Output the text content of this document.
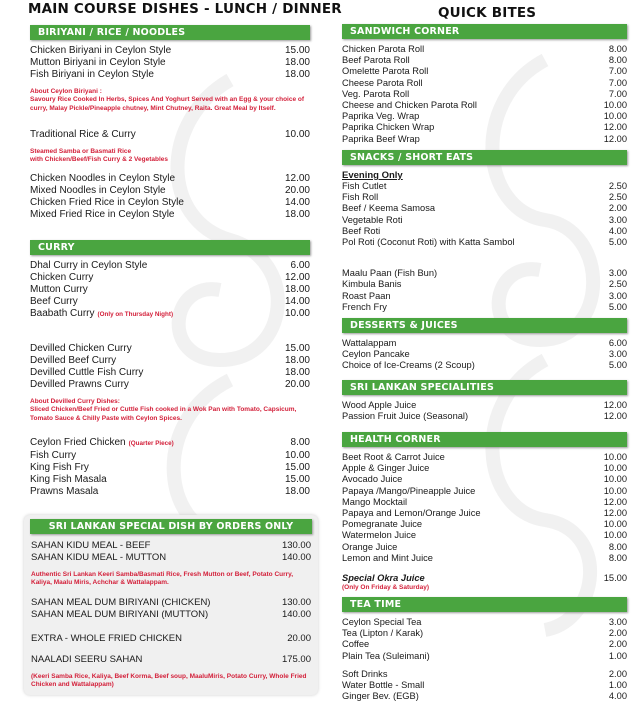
MAIN COURSE DISHES - LUNCH / DINNER	QUICK BITES
BIRIYANI / RICE / NOODLES
Chicken Biriyani in Ceylon Style	15.00
Mutton Biriyani in Ceylon Style	18.00
Fish Biriyani in Ceylon Style	18.00
About Ceylon Biriyani :
Savoury Rice Cooked In Herbs, Spices And Yoghurt Served with an Egg & your choice of curry, Malay Pickle/Pineapple chutney, Mint Chutney, Raita. Great Meal by Itself.
Traditional Rice & Curry	10.00
Steamed Samba or Basmati Rice
with Chicken/Beef/Fish Curry & 2 Vegetables
Chicken Noodles in Ceylon Style	12.00
Mixed Noodles in Ceylon Style	20.00
Chicken Fried Rice in Ceylon Style	14.00
Mixed Fried Rice in Ceylon Style	18.00
CURRY
Dhal Curry in Ceylon Style	6.00
Chicken Curry	12.00
Mutton Curry	18.00
Beef Curry	14.00
Baabath Curry (Only on Thursday Night)	10.00
Devilled Chicken Curry	15.00
Devilled Beef Curry	18.00
Devilled Cuttle Fish Curry	18.00
Devilled Prawns Curry	20.00
About Devilled Curry Dishes:
Sliced Chicken/Beef Fried or Cuttle Fish cooked in a Wok Pan with Tomato, Capsicum, Tomato Sauce & Chilly Paste with Ceylon Spices.
Ceylon Fried Chicken (Quarter Piece)	8.00
Fish Curry	10.00
King Fish Fry	15.00
King Fish Masala	15.00
Prawns Masala	18.00
SRI LANKAN SPECIAL DISH BY ORDERS ONLY
SAHAN KIDU MEAL - BEEF	130.00
SAHAN KIDU MEAL - MUTTON	140.00
Authentic Sri Lankan Keeri Samba/Basmati Rice, Fresh Mutton or Beef, Potato Curry, Kaliya, Maalu Miris, Achchar & Wattalappam.
SAHAN MEAL DUM BIRIYANI (CHICKEN)	130.00
SAHAN MEAL DUM BIRIYANI (MUTTON)	140.00
EXTRA - WHOLE FRIED CHICKEN	20.00
NAALADI SEERU SAHAN	175.00
(Keeri Samba Rice, Kaliya, Beef Korma, Beef soup, MaaluMiris, Potato Curry, Whole Fried Chicken and Wattalappam)
SANDWICH CORNER
Chicken Parota Roll	8.00
Beef Parota Roll	8.00
Omelette Parota Roll	7.00
Cheese Parota Roll	7.00
Veg. Parota Roll	7.00
Cheese and Chicken Parota Roll	10.00
Paprika Veg. Wrap	10.00
Paprika Chicken Wrap	12.00
Paprika Beef Wrap	12.00
SNACKS / SHORT EATS
Evening Only
Fish Cutlet	2.50
Fish Roll	2.50
Beef / Keema Samosa	2.00
Vegetable Roti	3.00
Beef Roti	4.00
Pol Roti (Coconut Roti) with Katta Sambol	5.00
Maalu Paan (Fish Bun)	3.00
Kimbula Banis	2.50
Roast Paan	3.00
French Fry	5.00
DESSERTS & JUICES
Wattalappam	6.00
Ceylon Pancake	3.00
Choice of Ice-Creams (2 Scoup)	5.00
SRI LANKAN SPECIALITIES
Wood Apple Juice	12.00
Passion Fruit Juice (Seasonal)	12.00
HEALTH CORNER
Beet Root & Carrot Juice	10.00
Apple & Ginger Juice	10.00
Avocado Juice	10.00
Papaya /Mango/Pineapple Juice	10.00
Mango Mocktail	12.00
Papaya and Lemon/Orange Juice	12.00
Pomegranate Juice	10.00
Watermelon Juice	10.00
Orange Juice	8.00
Lemon and Mint Juice	8.00
Special Okra Juice	15.00
(Only On Friday & Saturday)
TEA TIME
Ceylon Special Tea	3.00
Tea (Lipton / Karak)	2.00
Coffee	2.00
Plain Tea (Suleimani)	1.00
Soft Drinks	2.00
Water Bottle - Small	1.00
Ginger Bev. (EGB)	4.00
